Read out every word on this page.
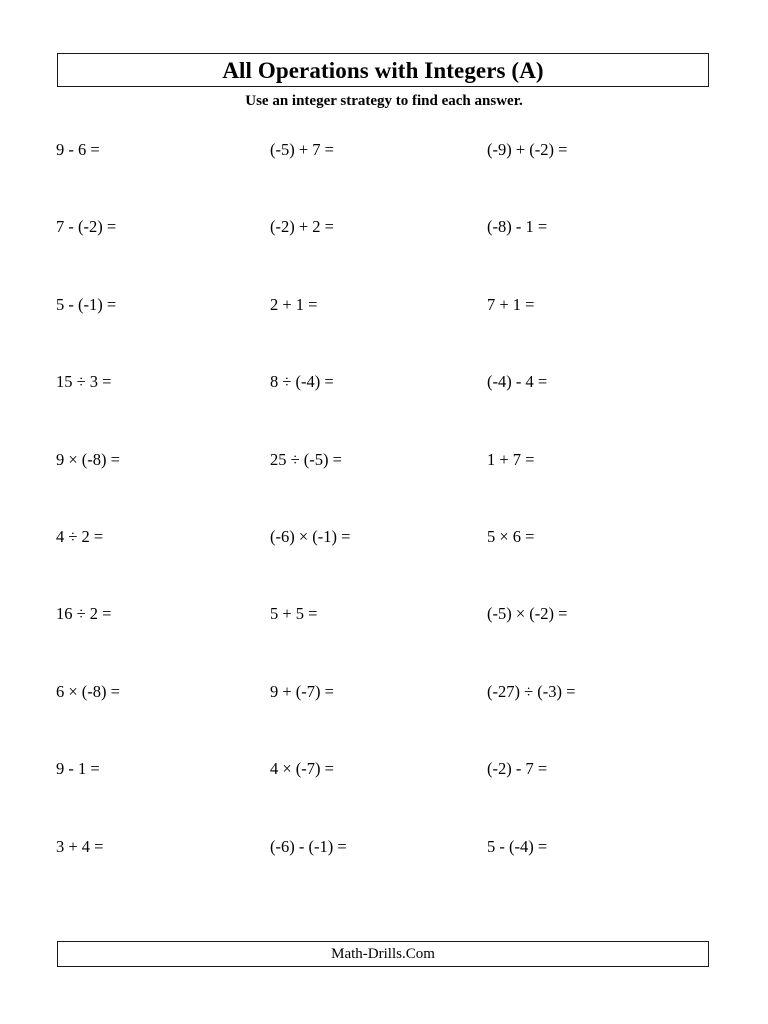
All Operations with Integers (A)
Use an integer strategy to find each answer.
9 - 6 =	(-5) + 7 =	(-9) + (-2) =
7 - (-2) =	(-2) + 2 =	(-8) - 1 =
5 - (-1) =	2 + 1 =	7 + 1 =
15 ÷ 3 =	8 ÷ (-4) =	(-4) - 4 =
9 × (-8) =	25 ÷ (-5) =	1 + 7 =
4 ÷ 2 =	(-6) × (-1) =	5 × 6 =
16 ÷ 2 =	5 + 5 =	(-5) × (-2) =
6 × (-8) =	9 + (-7) =	(-27) ÷ (-3) =
9 - 1 =	4 × (-7) =	(-2) - 7 =
3 + 4 =	(-6) - (-1) =	5 - (-4) =
Math-Drills.Com
